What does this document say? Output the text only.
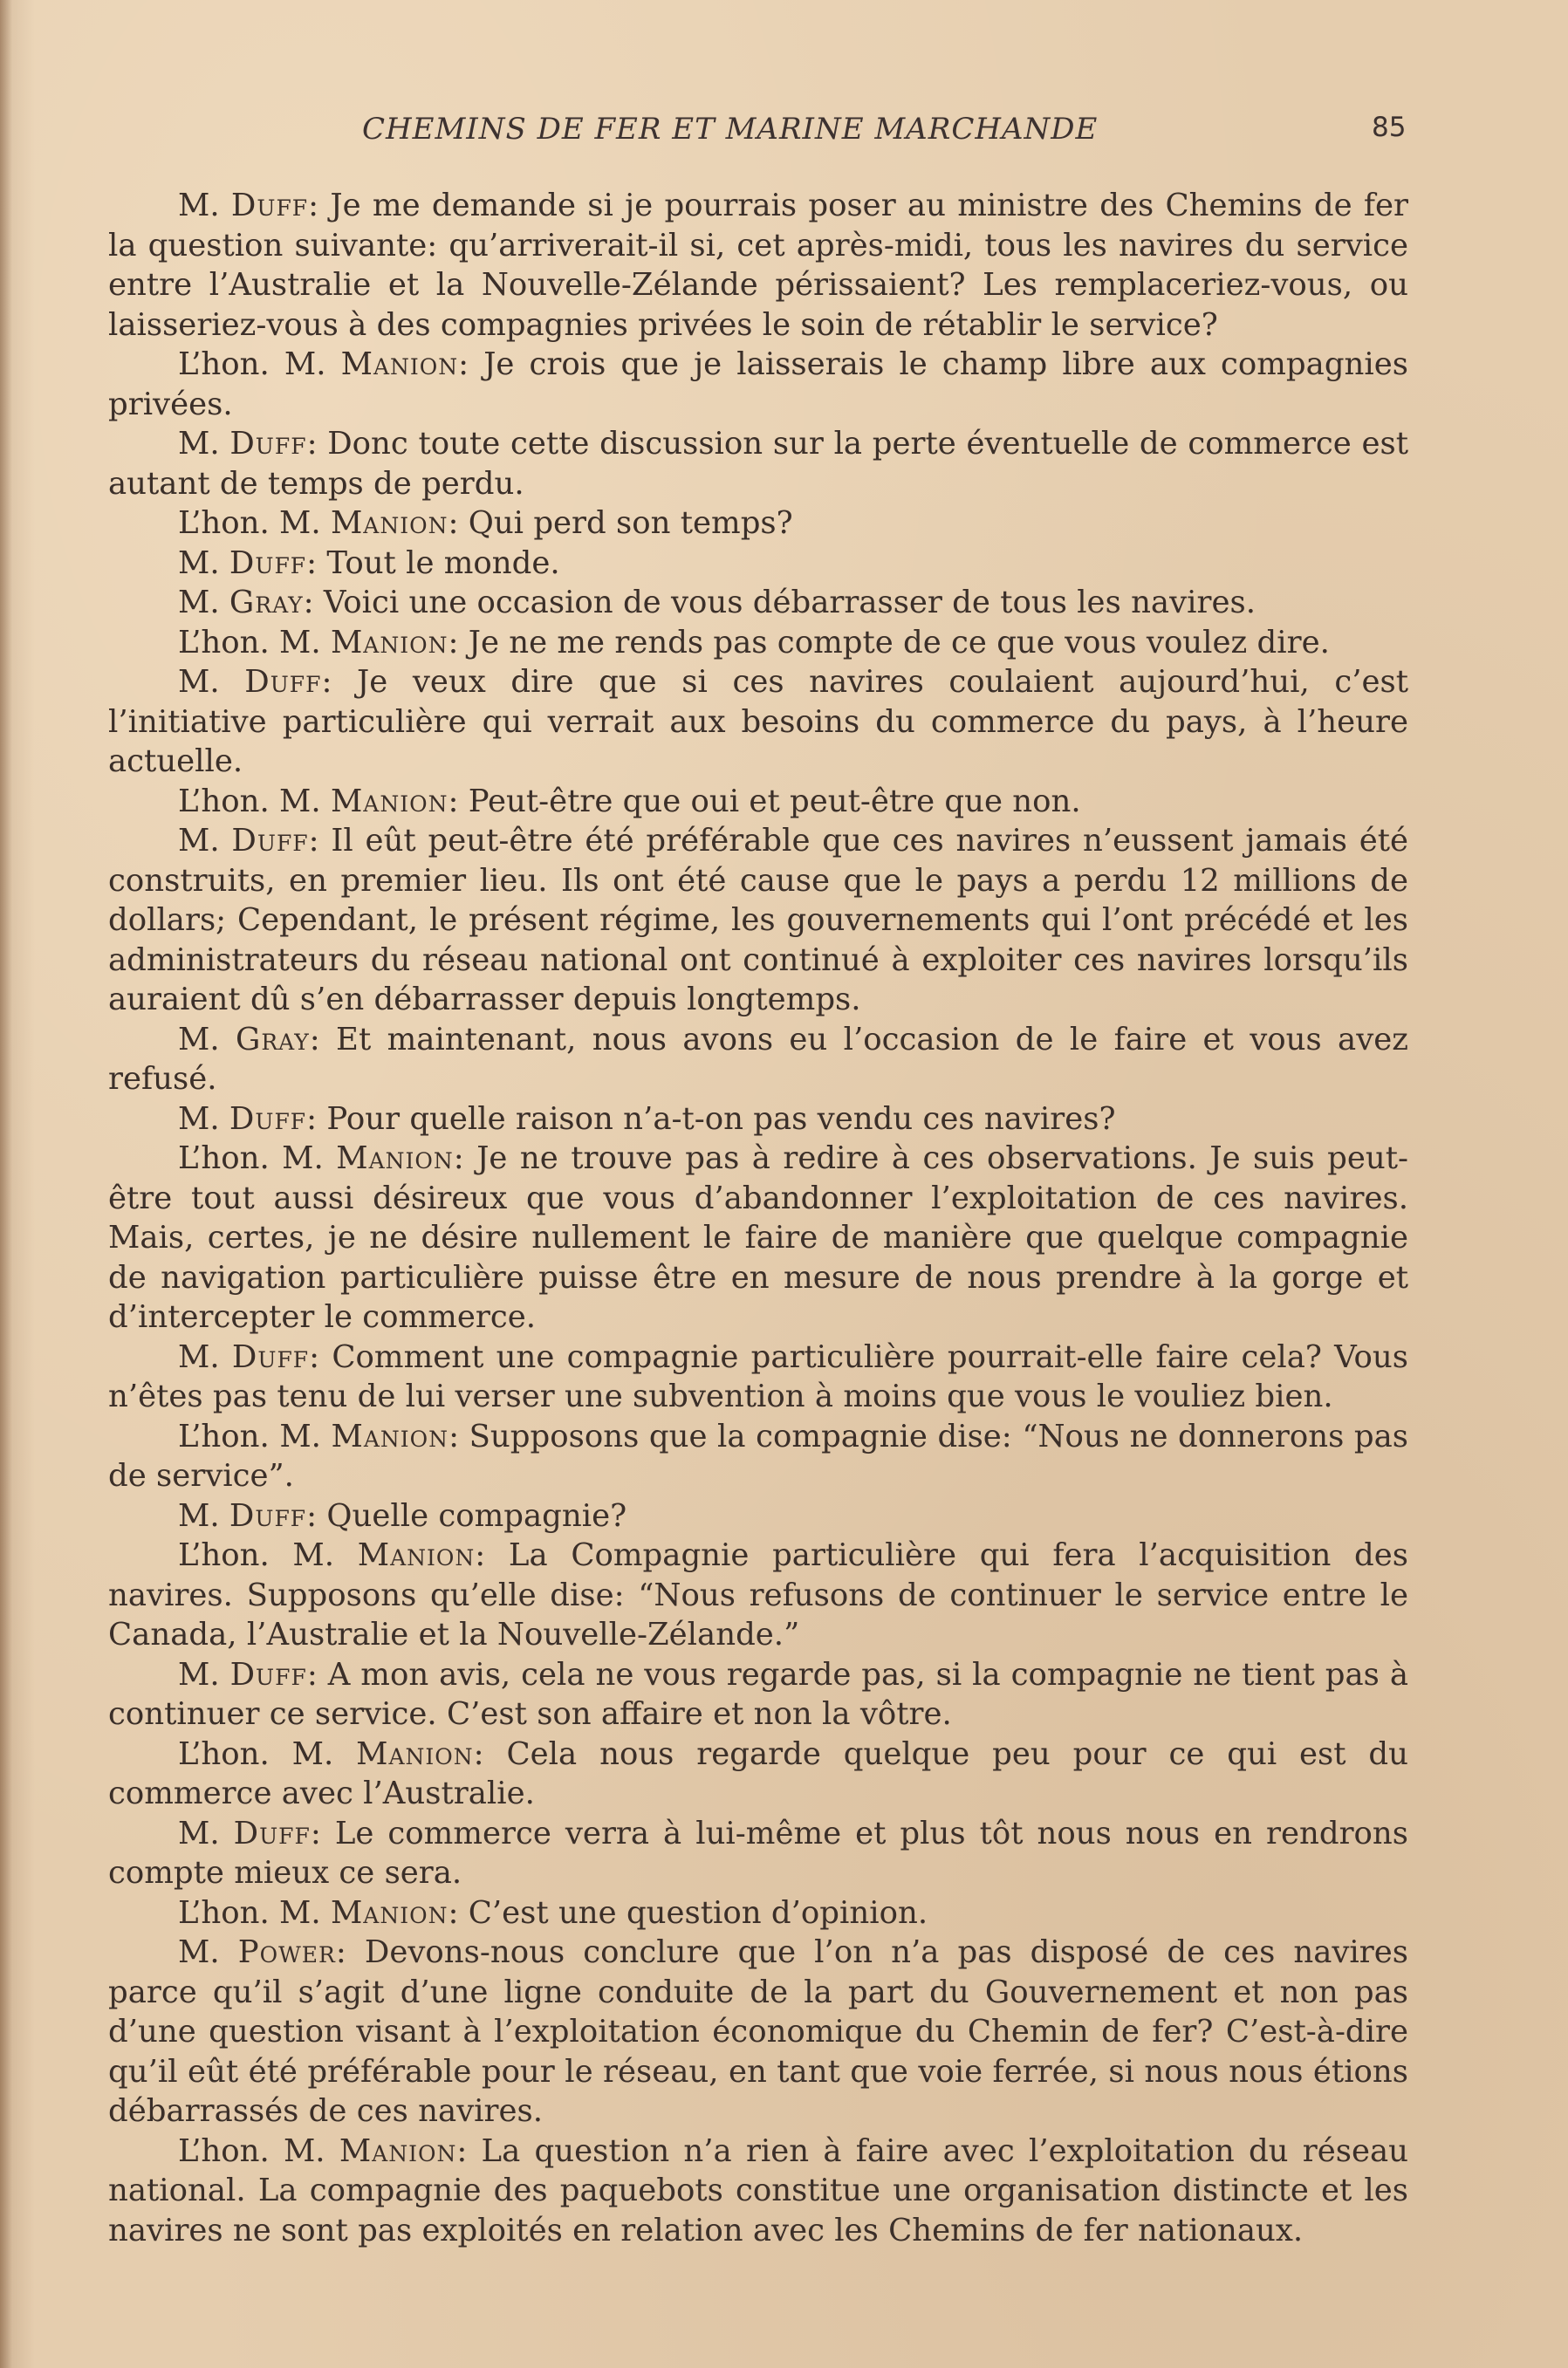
CHEMINS DE FER ET MARINE MARCHANDE	85

M. Duff: Je me demande si je pourrais poser au ministre des Chemins de fer la question suivante: qu’arriverait-il si, cet après-midi, tous les navires du service entre l’Australie et la Nouvelle-Zélande périssaient? Les remplaceriez-vous, ou laisseriez-vous à des compagnies privées le soin de rétablir le service?

L’hon. M. Manion: Je crois que je laisserais le champ libre aux compagnies privées.

M. Duff: Donc toute cette discussion sur la perte éventuelle de commerce est autant de temps de perdu.

L’hon. M. Manion: Qui perd son temps?

M. Duff: Tout le monde.

M. Gray: Voici une occasion de vous débarrasser de tous les navires.

L’hon. M. Manion: Je ne me rends pas compte de ce que vous voulez dire.

M. Duff: Je veux dire que si ces navires coulaient aujourd’hui, c’est l’initiative particulière qui verrait aux besoins du commerce du pays, à l’heure actuelle.

L’hon. M. Manion: Peut-être que oui et peut-être que non.

M. Duff: Il eût peut-être été préférable que ces navires n’eussent jamais été construits, en premier lieu. Ils ont été cause que le pays a perdu 12 millions de dollars; Cependant, le présent régime, les gouvernements qui l’ont précédé et les administrateurs du réseau national ont continué à exploiter ces navires lorsqu’ils auraient dû s’en débarrasser depuis longtemps.

M. Gray: Et maintenant, nous avons eu l’occasion de le faire et vous avez refusé.

M. Duff: Pour quelle raison n’a-t-on pas vendu ces navires?

L’hon. M. Manion: Je ne trouve pas à redire à ces observations. Je suis peut-être tout aussi désireux que vous d’abandonner l’exploitation de ces navires. Mais, certes, je ne désire nullement le faire de manière que quelque compagnie de navigation particulière puisse être en mesure de nous prendre à la gorge et d’intercepter le commerce.

M. Duff: Comment une compagnie particulière pourrait-elle faire cela? Vous n’êtes pas tenu de lui verser une subvention à moins que vous le vouliez bien.

L’hon. M. Manion: Supposons que la compagnie dise: “Nous ne donnerons pas de service”.

M. Duff: Quelle compagnie?

L’hon. M. Manion: La Compagnie particulière qui fera l’acquisition des navires. Supposons qu’elle dise: “Nous refusons de continuer le service entre le Canada, l’Australie et la Nouvelle-Zélande.”

M. Duff: A mon avis, cela ne vous regarde pas, si la compagnie ne tient pas à continuer ce service. C’est son affaire et non la vôtre.

L’hon. M. Manion: Cela nous regarde quelque peu pour ce qui est du commerce avec l’Australie.

M. Duff: Le commerce verra à lui-même et plus tôt nous nous en rendrons compte mieux ce sera.

L’hon. M. Manion: C’est une question d’opinion.

M. Power: Devons-nous conclure que l’on n’a pas disposé de ces navires parce qu’il s’agit d’une ligne conduite de la part du Gouvernement et non pas d’une question visant à l’exploitation économique du Chemin de fer? C’est-à-dire qu’il eût été préférable pour le réseau, en tant que voie ferrée, si nous nous étions débarrassés de ces navires.

L’hon. M. Manion: La question n’a rien à faire avec l’exploitation du réseau national. La compagnie des paquebots constitue une organisation distincte et les navires ne sont pas exploités en relation avec les Chemins de fer nationaux.
